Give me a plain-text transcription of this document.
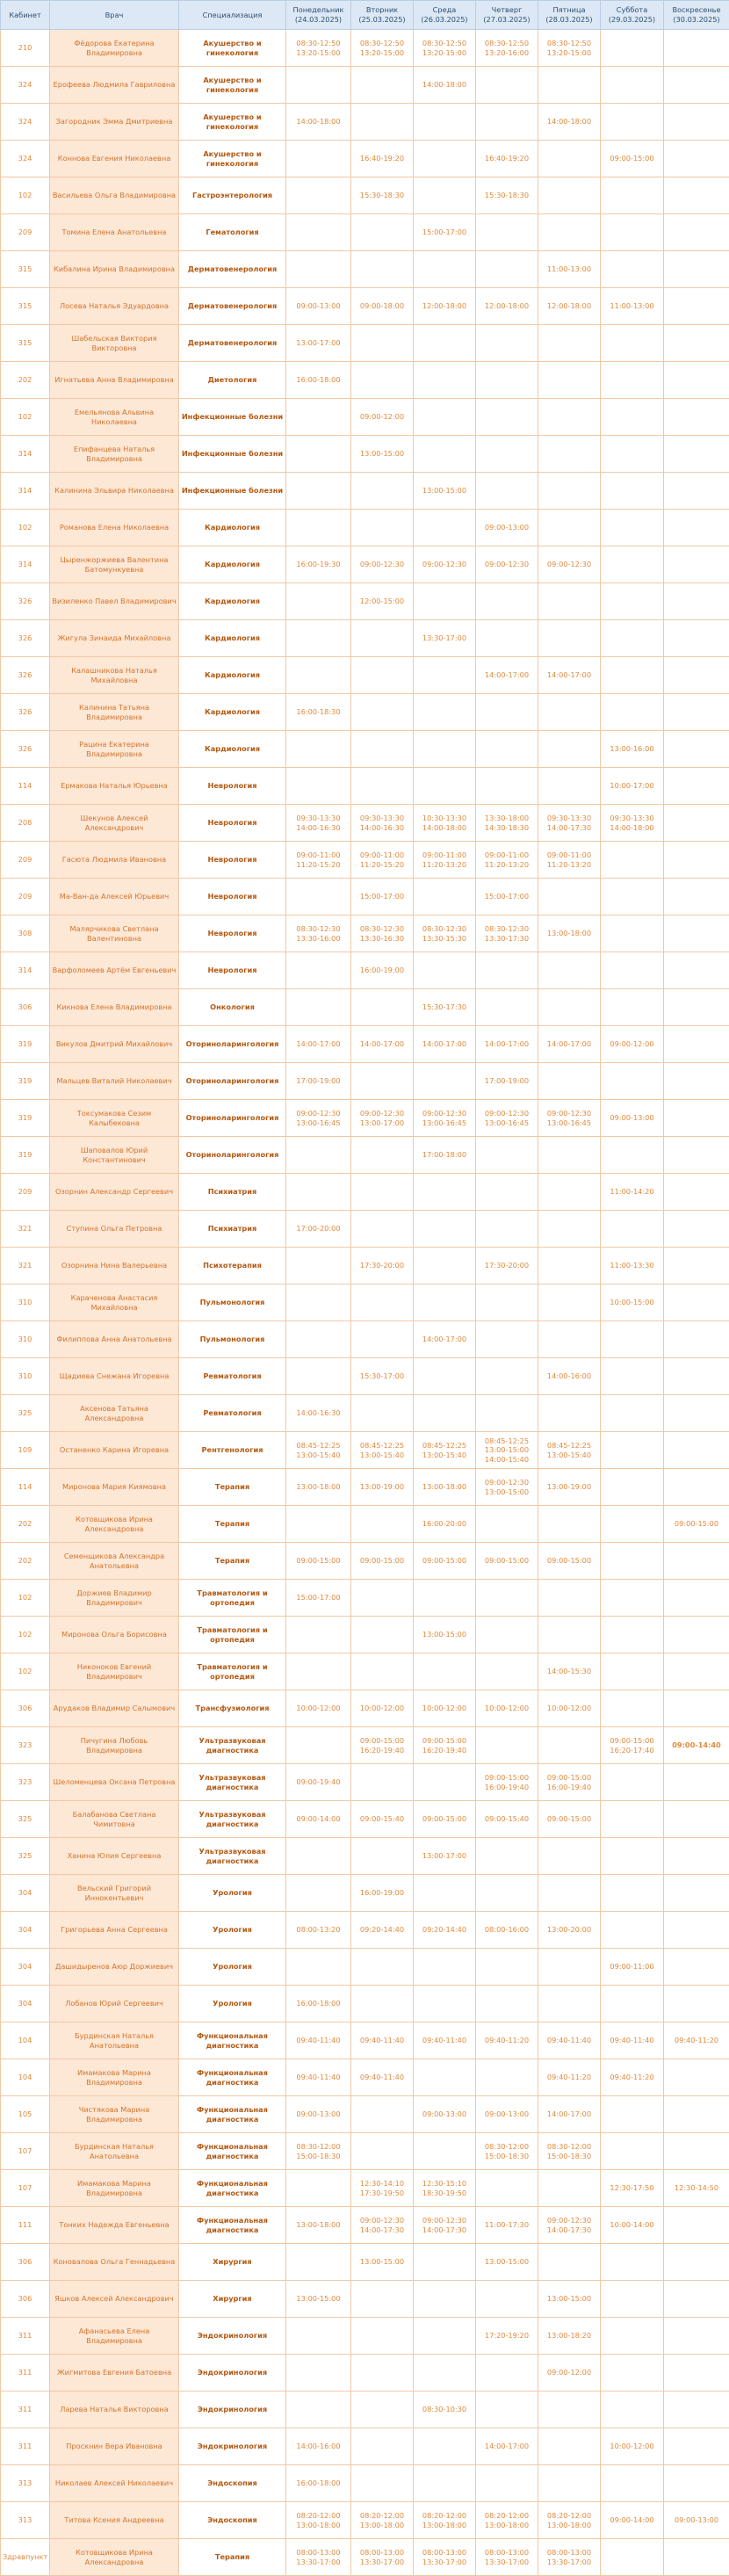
Кабинет	Врач	Специализация	Понедельник (24.03.2025)	Вторник (25.03.2025)	Среда (26.03.2025)	Четверг (27.03.2025)	Пятница (28.03.2025)	Суббота (29.03.2025)	Воскресенье (30.03.2025)
210	Фёдорова Екатерина Владимировна	Акушерство и гинекология	08:30-12:50 13:20-15:00	08:30-12:50 13:20-15:00	08:30-12:50 13:20-15:00	08:30-12:50 13:20-16:00	08:30-12:50 13:20-15:00		
324	Ерофеева Людмила Гавриловна	Акушерство и гинекология			14:00-18:00				
324	Загородник Эмма Дмитриевна	Акушерство и гинекология	14:00-18:00				14:00-18:00		
324	Коннова Евгения Николаевна	Акушерство и гинекология		16:40-19:20		16:40-19:20		09:00-15:00	
102	Васильева Ольга Владимировна	Гастроэнтерология		15:30-18:30		15:30-18:30			
209	Томина Елена Анатольевна	Гематология			15:00-17:00				
315	Кибалина Ирина Владимировна	Дерматовенерология					11:00-13:00		
315	Лосева Наталья Эдуардовна	Дерматовенерология	09:00-13:00	09:00-18:00	12:00-18:00	12:00-18:00	12:00-18:00	11:00-13:00	
315	Шабельская Виктория Викторовна	Дерматовенерология	13:00-17:00						
202	Игнатьева Анна Владимировна	Диетология	16:00-18:00						
102	Емельянова Альвина Николаевна	Инфекционные болезни		09:00-12:00					
314	Епифанцева Наталья Владимировна	Инфекционные болезни		13:00-15:00					
314	Калинина Эльвира Николаевна	Инфекционные болезни			13:00-15:00				
102	Романова Елена Николаевна	Кардиология				09:00-13:00			
314	Цыренжоржиева Валентина Батомункуевна	Кардиология	16:00-19:30	09:00-12:30	09:00-12:30	09:00-12:30	09:00-12:30		
326	Визиленко Павел Владимирович	Кардиология		12:00-15:00					
326	Жигула Зинаида Михайловна	Кардиология			13:30-17:00				
326	Калашникова Наталья Михайловна	Кардиология				14:00-17:00	14:00-17:00		
326	Калинина Татьяна Владимировна	Кардиология	16:00-18:30						
326	Рацина Екатерина Владимировна	Кардиология						13:00-16:00	
114	Ермакова Наталья Юрьевна	Неврология						10:00-17:00	
208	Шекунов Алексей Александрович	Неврология	09:30-13:30 14:00-16:30	09:30-13:30 14:00-16:30	10:30-13:30 14:00-18:00	13:30-18:00 14:30-18:30	09:30-13:30 14:00-17:30	09:30-13:30 14:00-18:00	
209	Гасюта Людмила Ивановна	Неврология	09:00-11:00 11:20-15:20	09:00-11:00 11:20-15:20	09:00-11:00 11:20-13:20	09:00-11:00 11:20-13:20	09:00-11:00 11:20-13:20		
209	Ма-Ван-да Алексей Юрьевич	Неврология		15:00-17:00		15:00-17:00			
308	Малярчикова Светлана Валентиновна	Неврология	08:30-12:30 13:30-16:00	08:30-12:30 13:30-16:30	08:30-12:30 13:30-15:30	08:30-12:30 13:30-17:30	13:00-18:00		
314	Варфоломеев Артём Евгеньевич	Неврология		16:00-19:00					
306	Кикнова Елена Владимировна	Онкология			15:30-17:30				
319	Викулов Дмитрий Михайлович	Оториноларингология	14:00-17:00	14:00-17:00	14:00-17:00	14:00-17:00	14:00-17:00	09:00-12:00	
319	Мальцев Виталий Николаевич	Оториноларингология	17:00-19:00			17:00-19:00			
319	Токсумакова Сезим Калыбековна	Оториноларингология	09:00-12:30 13:00-16:45	09:00-12:30 13:00-17:00	09:00-12:30 13:00-16:45	09:00-12:30 13:00-16:45	09:00-12:30 13:00-16:45	09:00-13:00	
319	Шаповалов Юрий Константинович	Оториноларингология			17:00-18:00				
209	Озорнин Александр Сергеевич	Психиатрия						11:00-14:20	
321	Ступина Ольга Петровна	Психиатрия	17:00-20:00						
321	Озорнина Нина Валерьевна	Психотерапия		17:30-20:00		17:30-20:00		11:00-13:30	
310	Караченова Анастасия Михайловна	Пульмонология						10:00-15:00	
310	Филиппова Анна Анатольевна	Пульмонология			14:00-17:00				
310	Щадиева Снежана Игоревна	Ревматология		15:30-17:00			14:00-16:00		
325	Аксенова Татьяна Александровна	Ревматология	14:00-16:30						
109	Останенко Карина Игоревна	Рентгенология	08:45-12:25 13:00-15:40	08:45-12:25 13:00-15:40	08:45-12:25 13:00-15:40	08:45-12:25 13:00-15:00 14:00-15:40	08:45-12:25 13:00-15:40		
114	Миронова Мария Киямовна	Терапия	13:00-18:00	13:00-19:00	13:00-18:00	09:00-12:30 13:00-15:00	13:00-19:00		
202	Котовщикова Ирина Александровна	Терапия			16:00-20:00				09:00-15:00
202	Семенщикова Александра Анатольевна	Терапия	09:00-15:00	09:00-15:00	09:00-15:00	09:00-15:00	09:00-15:00		
102	Доржиев Владимир Владимирович	Травматология и ортопедия	15:00-17:00						
102	Миронова Ольга Борисовна	Травматология и ортопедия			13:00-15:00				
102	Никоноков Евгений Владимирович	Травматология и ортопедия					14:00-15:30		
306	Арудаков Владимир Салымович	Трансфузиология	10:00-12:00	10:00-12:00	10:00-12:00	10:00-12:00	10:00-12:00		
323	Пичугина Любовь Владимировна	Ультразвуковая диагностика		09:00-15:00 16:20-19:40	09:00-15:00 16:20-19:40			09:00-15:00 16:20-17:40	09:00-14:40
323	Шеломенцева Оксана Петровна	Ультразвуковая диагностика	09:00-19:40			09:00-15:00 16:00-19:40	09:00-15:00 16:00-19:40		
325	Балабанова Светлана Чимитовна	Ультразвуковая диагностика	09:00-14:00	09:00-15:40	09:00-15:00	09:00-15:40	09:00-15:00		
325	Ханина Юлия Сергеевна	Ультразвуковая диагностика			13:00-17:00				
304	Вельский Григорий Иннокентьевич	Урология		16:00-19:00					
304	Григорьева Анна Сергеевна	Урология	08:00-13:20	09:20-14:40	09:20-14:40	08:00-16:00	13:00-20:00		
304	Дашидыренов Аюр Доржиевич	Урология						09:00-11:00	
304	Лобанов Юрий Сергеевич	Урология	16:00-18:00						
104	Бурдинская Наталья Анатольевна	Функциональная диагностика	09:40-11:40	09:40-11:40	09:40-11:40	09:40-11:20	09:40-11:40	09:40-11:40	09:40-11:20
104	Имамакова Марина Владимировна	Функциональная диагностика	09:40-11:40	09:40-11:40			09:40-11:20	09:40-11:20	
105	Чистякова Марина Владимировна	Функциональная диагностика	09:00-13:00		09:00-13:00	09:00-13:00	14:00-17:00		
107	Бурдинская Наталья Анатольевна	Функциональная диагностика	08:30-12:00 15:00-18:30			08:30-12:00 15:00-18:30	08:30-12:00 15:00-18:30		
107	Имамакова Марина Владимировна	Функциональная диагностика		12:30-14:10 17:30-19:50	12:30-15:10 18:30-19:50			12:30-17:50	12:30-14:50
111	Тонкиx Надежда Евгеньевна	Функциональная диагностика	13:00-18:00	09:00-12:30 14:00-17:30	09:00-12:30 14:00-17:30	11:00-17:30	09:00-12:30 14:00-17:30	10:00-14:00	
306	Коновалова Ольга Геннадьевна	Хирургия		13:00-15:00		13:00-15:00			
306	Яшков Алексей Александрович	Хирургия	13:00-15:00				13:00-15:00		
311	Афанасьева Елена Владимировна	Эндокринология				17:20-19:20	13:00-18:20		
311	Жигмитова Евгения Батоевна	Эндокринология					09:00-12:00		
311	Ларева Наталья Викторовна	Эндокринология			08:30-10:30				
311	Проскнин Вера Ивановна	Эндокринология	14:00-16:00			14:00-17:00		10:00-12:00	
313	Николаев Алексей Николаевич	Эндоскопия	16:00-18:00						
313	Титова Ксения Андреевна	Эндоскопия	08:20-12:00 13:00-18:00	08:20-12:00 13:00-18:00	08:20-12:00 13:00-18:00	08:20-12:00 13:00-18:00	08:20-12:00 13:00-18:00	09:00-14:00	09:00-13:00
Здравпункт	Котовщикова Ирина Александровна	Терапия	08:00-13:00 13:30-17:00	08:00-13:00 13:30-17:00	08:00-13:00 13:30-17:00	08:00-13:00 13:30-17:00	08:00-13:00 13:30-17:00		
